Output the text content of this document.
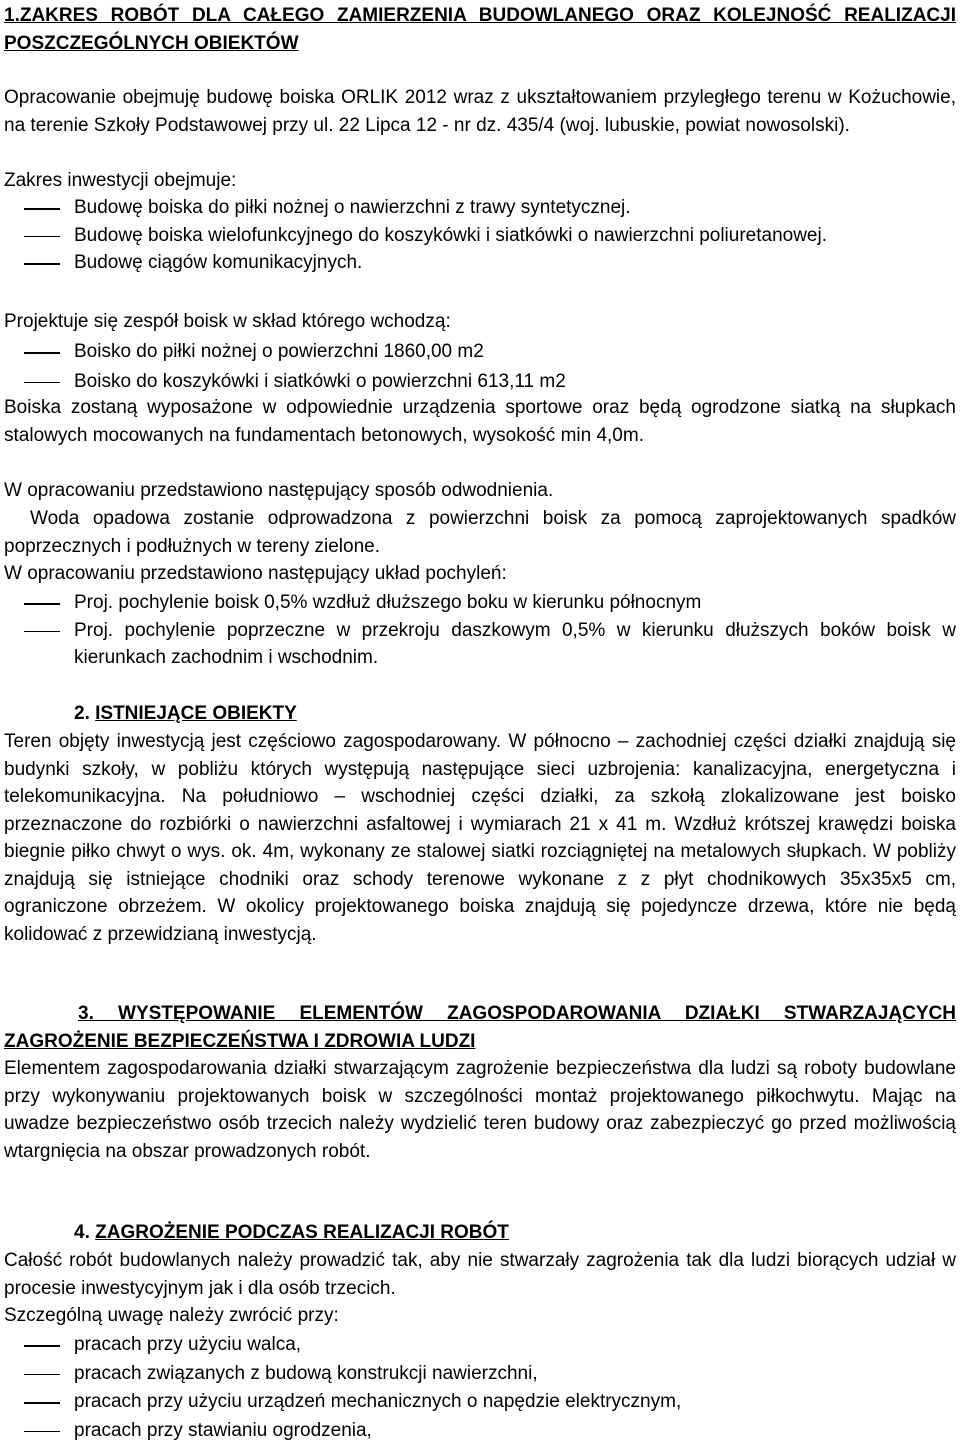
1.ZAKRES ROBÓT DLA CAŁEGO ZAMIERZENIA BUDOWLANEGO ORAZ KOLEJNOŚĆ REALIZACJI POSZCZEGÓLNYCH OBIEKTÓW

Opracowanie obejmuję budowę boiska ORLIK 2012 wraz z ukształtowaniem przyległego terenu w Kożuchowie, na terenie Szkoły Podstawowej przy ul. 22 Lipca 12 - nr dz. 435/4 (woj. lubuskie, powiat nowosolski).

Zakres inwestycji obejmuje:

Budowę boiska do piłki nożnej o nawierzchni z trawy syntetycznej.
Budowę boiska wielofunkcyjnego do koszykówki i siatkówki o nawierzchni poliuretanowej.
Budowę ciągów komunikacyjnych.

Projektuje się zespół boisk w skład którego wchodzą:

Boisko do piłki nożnej o powierzchni 1860,00 m2
Boisko do koszykówki i siatkówki o powierzchni 613,11 m2

Boiska zostaną wyposażone w odpowiednie urządzenia sportowe oraz będą ogrodzone siatką na słupkach stalowych mocowanych na fundamentach betonowych, wysokość min 4,0m.

W opracowaniu przedstawiono następujący sposób odwodnienia.

Woda opadowa zostanie odprowadzona z powierzchni boisk za pomocą zaprojektowanych spadków poprzecznych i podłużnych w tereny zielone.

W opracowaniu przedstawiono następujący układ pochyleń:

Proj. pochylenie boisk 0,5% wzdłuż dłuższego boku w kierunku północnym
Proj. pochylenie poprzeczne w przekroju daszkowym 0,5% w kierunku dłuższych boków boisk w kierunkach zachodnim i wschodnim.
2. ISTNIEJĄCE OBIEKTY

Teren objęty inwestycją jest częściowo zagospodarowany. W północno – zachodniej części działki znajdują się budynki szkoły, w pobliżu których występują następujące sieci uzbrojenia: kanalizacyjna, energetyczna i telekomunikacyjna. Na południowo – wschodniej części działki, za szkołą zlokalizowane jest boisko przeznaczone do rozbiórki o nawierzchni asfaltowej i wymiarach 21 x 41 m. Wzdłuż krótszej krawędzi boiska biegnie piłko chwyt o wys. ok. 4m, wykonany ze stalowej siatki rozciągniętej na metalowych słupkach. W pobliży znajdują się istniejące chodniki oraz schody terenowe wykonane z z płyt chodnikowych 35x35x5 cm, ograniczone obrzeżem. W okolicy projektowanego boiska znajdują się pojedyncze drzewa, które nie będą kolidować z przewidzianą inwestycją.

3. WYSTĘPOWANIE ELEMENTÓW ZAGOSPODAROWANIA DZIAŁKI STWARZAJĄCYCH ZAGROŻENIE BEZPIECZEŃSTWA I ZDROWIA LUDZI

Elementem zagospodarowania działki stwarzającym zagrożenie bezpieczeństwa dla ludzi są roboty budowlane przy wykonywaniu projektowanych boisk w szczególności montaż projektowanego piłkochwytu. Mając na uwadze bezpieczeństwo osób trzecich należy wydzielić teren budowy oraz zabezpieczyć go przed możliwością wtargnięcia na obszar prowadzonych robót.

4. ZAGROŻENIE PODCZAS REALIZACJI ROBÓT

Całość robót budowlanych należy prowadzić tak, aby nie stwarzały zagrożenia tak dla ludzi biorących udział w procesie inwestycyjnym jak i dla osób trzecich.

Szczególną uwagę należy zwrócić przy:

pracach przy użyciu walca,
pracach związanych z budową konstrukcji nawierzchni,
pracach przy użyciu urządzeń mechanicznych o napędzie elektrycznym,
pracach przy stawianiu ogrodzenia,
